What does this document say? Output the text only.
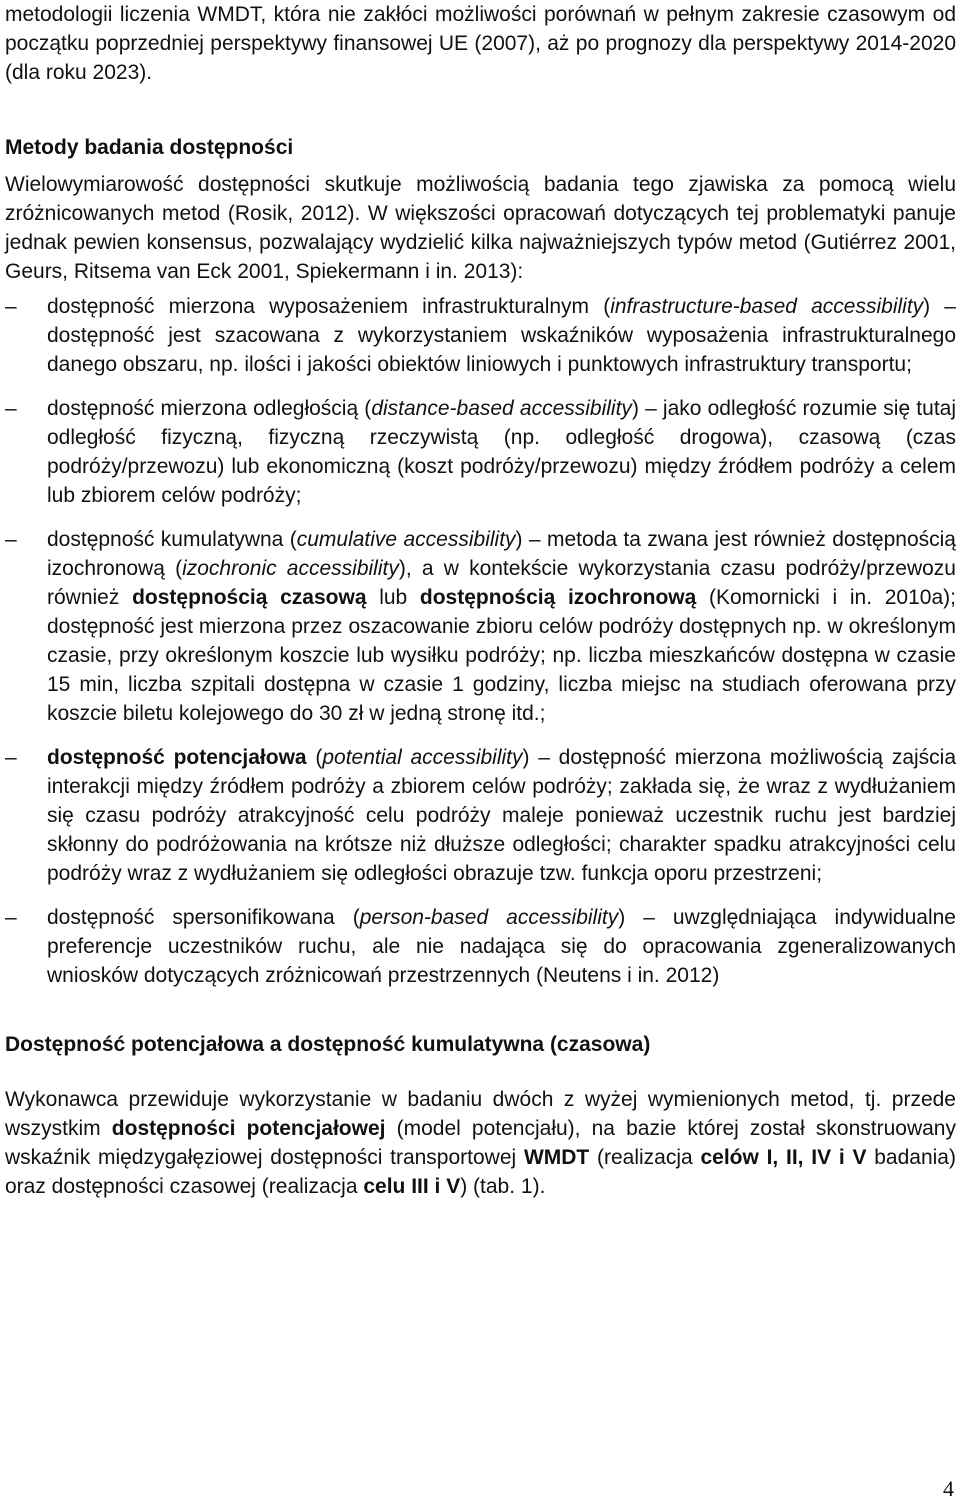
metodologii liczenia WMDT, która nie zakłóci możliwości porównań w pełnym zakresie czasowym od początku poprzedniej perspektywy finansowej UE (2007), aż po prognozy dla perspektywy 2014-2020 (dla roku 2023).

Metody badania dostępności

Wielowymiarowość dostępności skutkuje możliwością badania tego zjawiska za pomocą wielu zróżnicowanych metod (Rosik, 2012). W większości opracowań dotyczących tej problematyki panuje jednak pewien konsensus, pozwalający wydzielić kilka najważniejszych typów metod (Gutiérrez 2001, Geurs, Ritsema van Eck 2001, Spiekermann i in. 2013):

–	dostępność mierzona wyposażeniem infrastrukturalnym (infrastructure-based accessibility) – dostępność jest szacowana z wykorzystaniem wskaźników wyposażenia infrastrukturalnego danego obszaru, np. ilości i jakości obiektów liniowych i punktowych infrastruktury transportu;
–	dostępność mierzona odległością (distance-based accessibility) – jako odległość rozumie się tutaj odległość fizyczną, fizyczną rzeczywistą (np. odległość drogowa), czasową (czas podróży/przewozu) lub ekonomiczną (koszt podróży/przewozu) między źródłem podróży a celem lub zbiorem celów podróży;
–	dostępność kumulatywna (cumulative accessibility) – metoda ta zwana jest również dostępnością izochronową (izochronic accessibility), a w kontekście wykorzystania czasu podróży/przewozu również dostępnością czasową lub dostępnością izochronową (Komornicki i in. 2010a); dostępność jest mierzona przez oszacowanie zbioru celów podróży dostępnych np. w określonym czasie, przy określonym koszcie lub wysiłku podróży; np. liczba mieszkańców dostępna w czasie 15 min, liczba szpitali dostępna w czasie 1 godziny, liczba miejsc na studiach oferowana przy koszcie biletu kolejowego do 30 zł w jedną stronę itd.;
–	dostępność potencjałowa (potential accessibility) – dostępność mierzona możliwością zajścia interakcji między źródłem podróży a zbiorem celów podróży; zakłada się, że wraz z wydłużaniem się czasu podróży atrakcyjność celu podróży maleje ponieważ uczestnik ruchu jest bardziej skłonny do podróżowania na krótsze niż dłuższe odległości; charakter spadku atrakcyjności celu podróży wraz z wydłużaniem się odległości obrazuje tzw. funkcja oporu przestrzeni;
–	dostępność spersonifikowana (person-based accessibility) – uwzględniająca indywidualne preferencje uczestników ruchu, ale nie nadająca się do opracowania zgeneralizowanych wniosków dotyczących zróżnicowań przestrzennych (Neutens i in. 2012)
Dostępność potencjałowa a dostępność kumulatywna (czasowa)

Wykonawca przewiduje wykorzystanie w badaniu dwóch z wyżej wymienionych metod, tj. przede wszystkim dostępności potencjałowej (model potencjału), na bazie której został skonstruowany wskaźnik międzygałęziowej dostępności transportowej WMDT (realizacja celów I, II, IV i V badania) oraz dostępności czasowej (realizacja celu III i V) (tab. 1).

4
